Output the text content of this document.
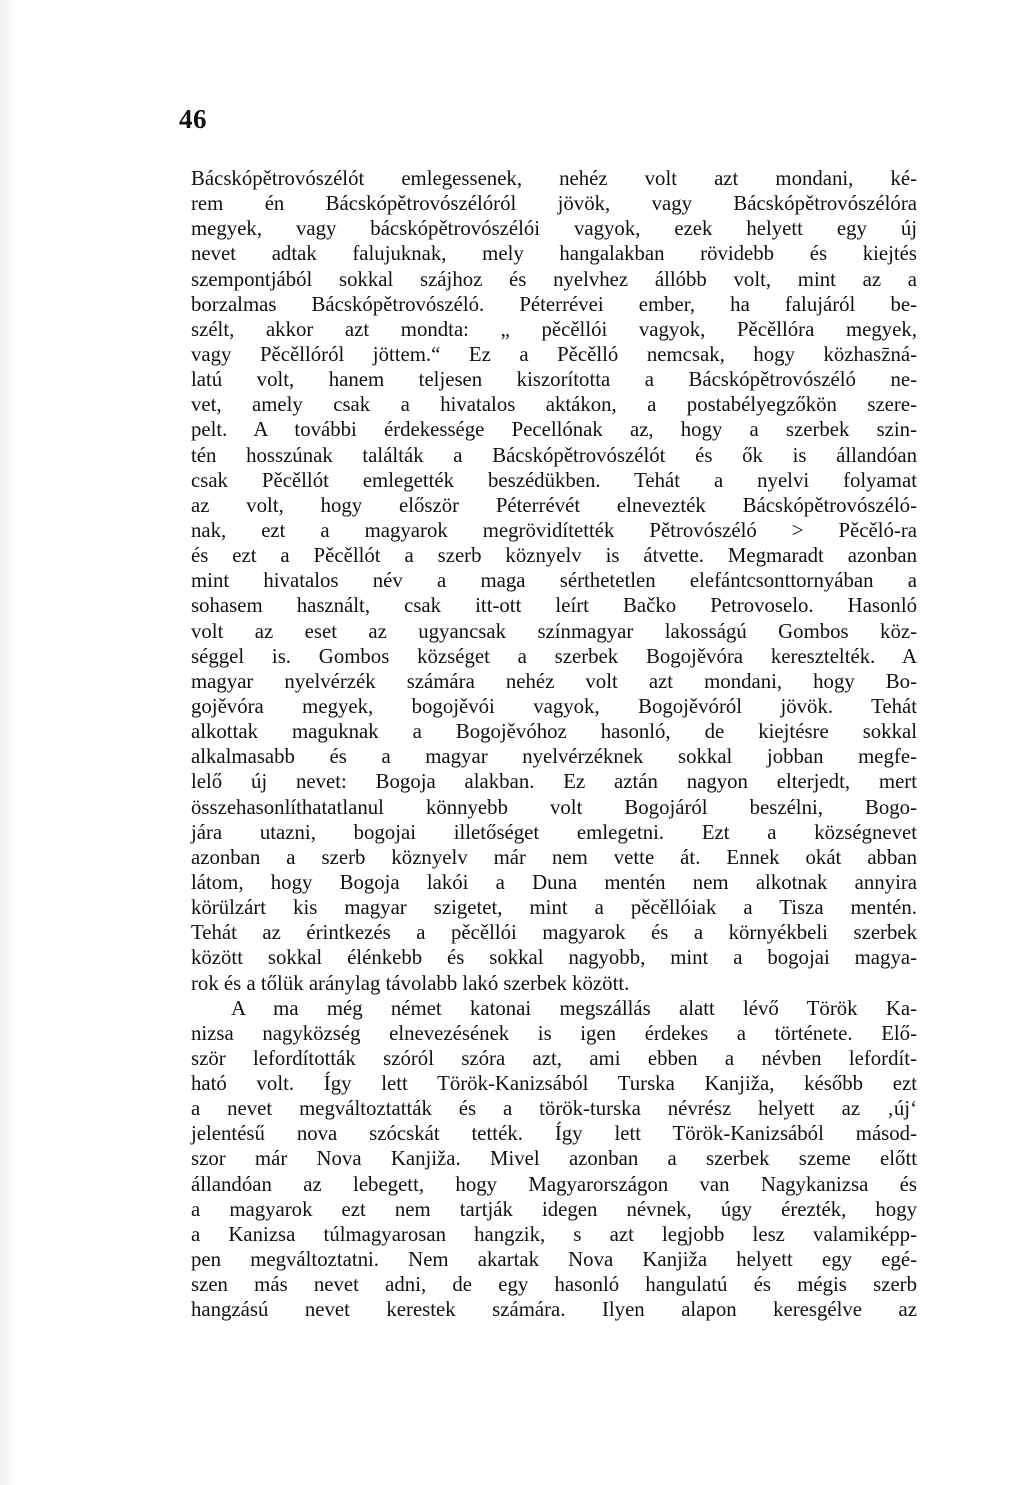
46
Bácskópětrovószélót emlegessenek, nehéz volt azt mondani, ké-
rem én Bácskópětrovószélóról jövök, vagy Bácskópětrovószélóra
megyek, vagy bácskópětrovószélói vagyok, ezek helyett egy új
nevet adtak falujuknak, mely hangalakban rövidebb és kiejtés
szempontjából sokkal szájhoz és nyelvhez állóbb volt, mint az a
borzalmas Bácskópětrovószéló. Péterrévei ember, ha falujáról be-
szélt, akkor azt mondta: „ pěcěllói vagyok, Pěcěllóra megyek,
vagy Pěcěllóról jöttem.“ Ez a Pěcělló nemcsak, hogy közhasz̄ná-
latú volt, hanem teljesen kiszorította a Bácskópětrovószéló ne-
vet, amely csak a hivatalos aktákon, a postabélyegzőkön szere-
pelt. A további érdekessége Pecellónak az, hogy a szerbek szin-
tén hosszúnak találták a Bácskópětrovószélót és ők is állandóan
csak Pěcěllót emlegették beszédükben. Tehát a nyelvi folyamat
az volt, hogy először Péterrévét elnevezték Bácskópětrovószéló-
nak, ezt a magyarok megrövidítették Pětrovószéló > Pěcěló-ra
és ezt a Pěcěllót a szerb köznyelv is átvette. Megmaradt azonban
mint hivatalos név a maga sérthetetlen elefántcsonttornyában a
sohasem használt, csak itt-ott leírt Bačko Petrovoselo. Hasonló
volt az eset az ugyancsak színmagyar lakosságú Gombos köz-
séggel is. Gombos községet a szerbek Bogojěvóra keresztelték. A
magyar nyelvérzék számára nehéz volt azt mondani, hogy Bo-
gojěvóra megyek, bogojěvói vagyok, Bogojěvóról jövök. Tehát
alkottak maguknak a Bogojěvóhoz hasonló, de kiejtésre sokkal
alkalmasabb és a magyar nyelvérzéknek sokkal jobban megfe-
lelő új nevet: Bogoja alakban. Ez aztán nagyon elterjedt, mert
összehasonlíthatatlanul könnyebb volt Bogojáról beszélni, Bogo-
jára utazni, bogojai illetőséget emlegetni. Ezt a községnevet
azonban a szerb köznyelv már nem vette át. Ennek okát abban
látom, hogy Bogoja lakói a Duna mentén nem alkotnak annyira
körülzárt kis magyar szigetet, mint a pěcěllóiak a Tisza mentén.
Tehát az érintkezés a pěcěllói magyarok és a környékbeli szerbek
között sokkal élénkebb és sokkal nagyobb, mint a bogojai magya-
rok és a tőlük aránylag távolabb lakó szerbek között.
A ma még német katonai megszállás alatt lévő Török Ka-
nizsa nagyközség elnevezésének is igen érdekes a története. Elő-
ször lefordították szóról szóra azt, ami ebben a névben lefordít-
ható volt. Így lett Török-Kanizsából Turska Kanjiža, később ezt
a nevet megváltoztatták és a török-turska névrész helyett az ‚új‘
jelentésű nova szócskát tették. Így lett Török-Kanizsából másod-
szor már Nova Kanjiža. Mivel azonban a szerbek szeme előtt
állandóan az lebegett, hogy Magyarországon van Nagykanizsa és
a magyarok ezt nem tartják idegen névnek, úgy érezték, hogy
a Kanizsa túlmagyarosan hangzik, s azt legjobb lesz valamiképp-
pen megváltoztatni. Nem akartak Nova Kanjiža helyett egy egé-
szen más nevet adni, de egy hasonló hangulatú és mégis szerb
hangzású nevet kerestek számára. Ilyen alapon keresgélve az
